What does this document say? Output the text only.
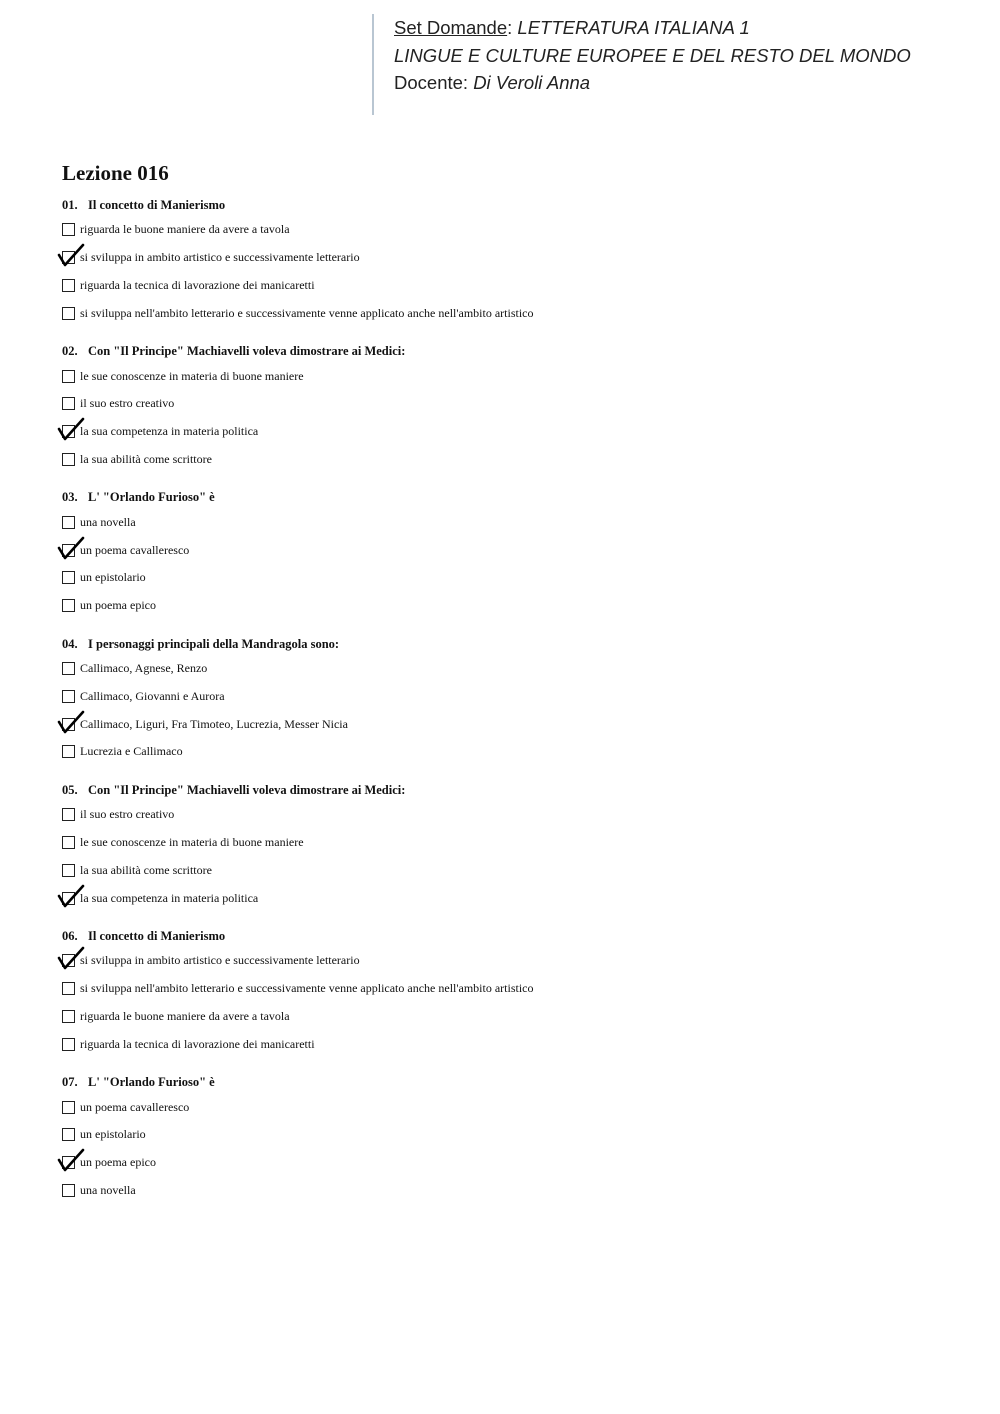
Set Domande: LETTERATURA ITALIANA 1
LINGUE E CULTURE EUROPEE E DEL RESTO DEL MONDO
Docente: Di Veroli Anna
Lezione 016
01. Il concetto di Manierismo
riguarda le buone maniere da avere a tavola
si sviluppa in ambito artistico e successivamente letterario
riguarda la tecnica di lavorazione dei manicaretti
si sviluppa nell'ambito letterario e successivamente venne applicato anche nell'ambito artistico
02. Con "Il Principe" Machiavelli voleva dimostrare ai Medici:
le sue conoscenze in materia di buone maniere
il suo estro creativo
la sua competenza in materia politica
la sua abilità come scrittore
03. L' "Orlando Furioso" è
una novella
un poema cavalleresco
un epistolario
un poema epico
04. I personaggi principali della Mandragola sono:
Callimaco, Agnese, Renzo
Callimaco, Giovanni e Aurora
Callimaco, Liguri, Fra Timoteo, Lucrezia, Messer Nicia
Lucrezia e Callimaco
05. Con "Il Principe" Machiavelli voleva dimostrare ai Medici:
il suo estro creativo
le sue conoscenze in materia di buone maniere
la sua abilità come scrittore
la sua competenza in materia politica
06. Il concetto di Manierismo
si sviluppa in ambito artistico e successivamente letterario
si sviluppa nell'ambito letterario e successivamente venne applicato anche nell'ambito artistico
riguarda le buone maniere da avere a tavola
riguarda la tecnica di lavorazione dei manicaretti
07. L' "Orlando Furioso" è
un poema cavalleresco
un epistolario
un poema epico
una novella
